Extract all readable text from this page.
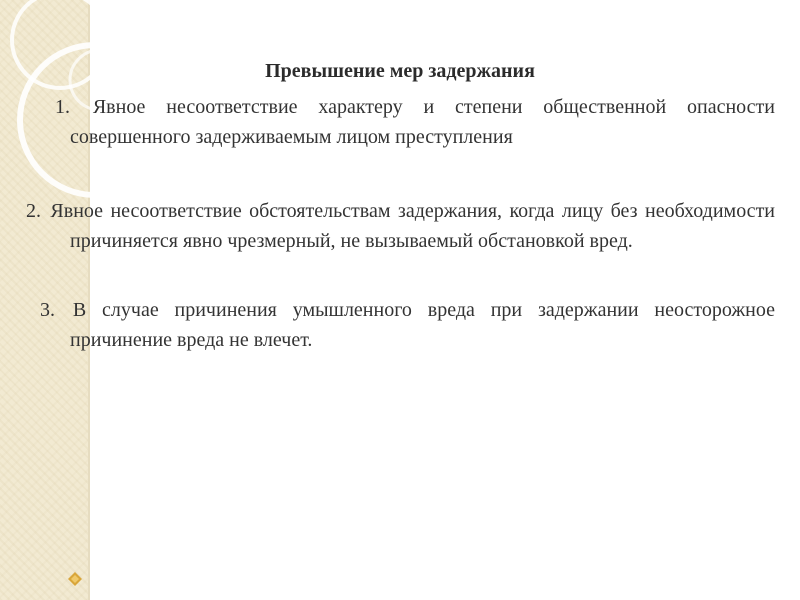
Превышение мер задержания
1. Явное несоответствие характеру и степени общественной опасности совершенного задерживаемым лицом преступления
2. Явное несоответствие обстоятельствам задержания, когда лицу без необходимости причиняется явно чрезмерный, не вызываемый обстановкой вред.
3. В случае причинения умышленного вреда при задержании неосторожное причинение вреда не влечет.
